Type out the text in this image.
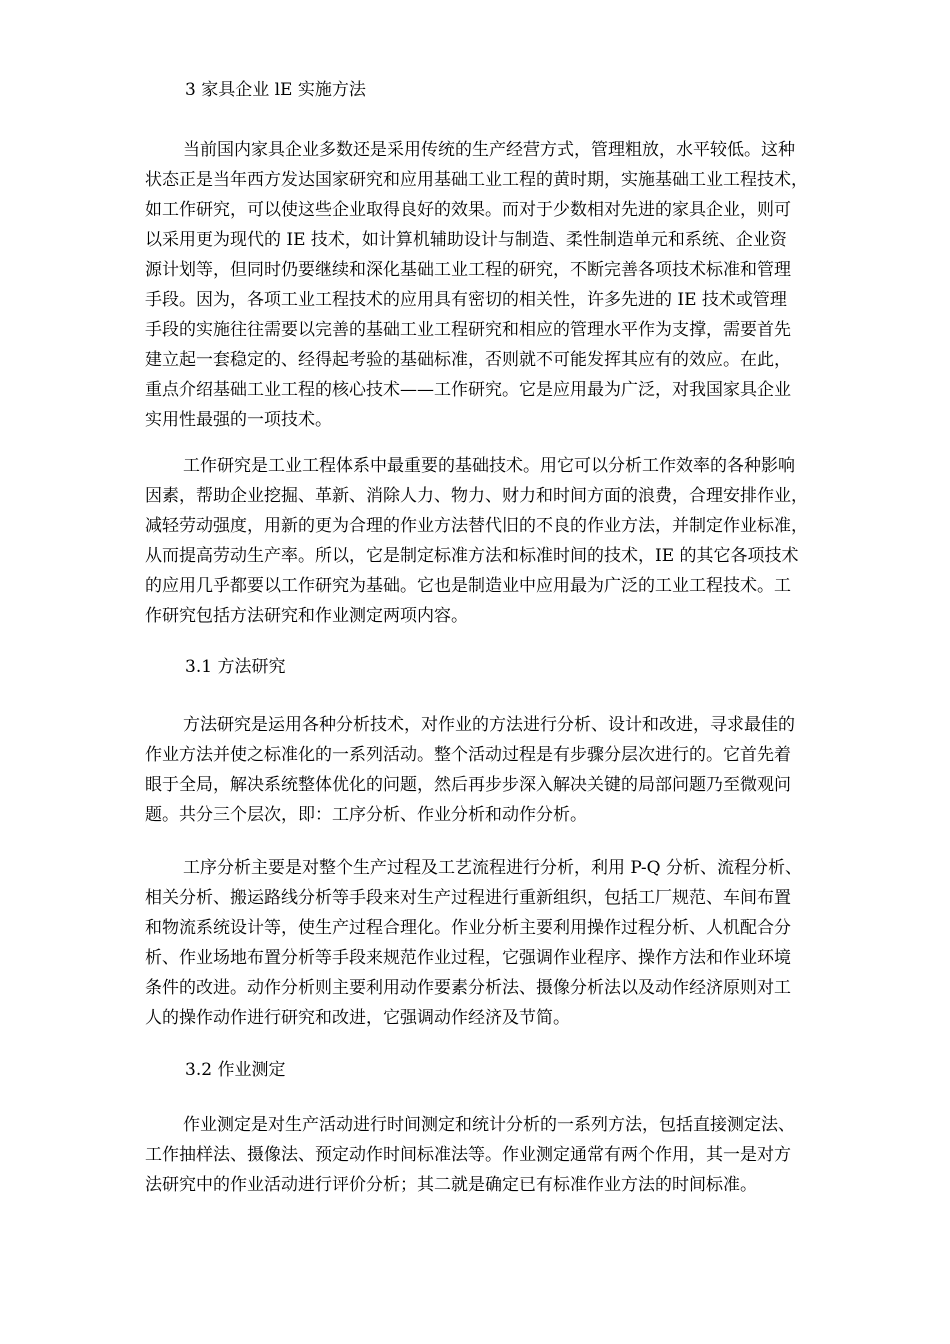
3 家具企业 lE 实施方法
当前国内家具企业多数还是采用传统的生产经营方式，管理粗放，水平较低。这种
状态正是当年西方发达国家研究和应用基础工业工程的黄时期，实施基础工业工程技术，
如工作研究，可以使这些企业取得良好的效果。而对于少数相对先进的家具企业，则可
以采用更为现代的 IE 技术，如计算机辅助设计与制造、柔性制造单元和系统、企业资
源计划等，但同时仍要继续和深化基础工业工程的研究，不断完善各项技术标准和管理
手段。因为，各项工业工程技术的应用具有密切的相关性，许多先进的 IE 技术或管理
手段的实施往往需要以完善的基础工业工程研究和相应的管理水平作为支撑，需要首先
建立起一套稳定的、经得起考验的基础标准，否则就不可能发挥其应有的效应。在此，
重点介绍基础工业工程的核心技术——工作研究。它是应用最为广泛，对我国家具企业
实用性最强的一项技术。
工作研究是工业工程体系中最重要的基础技术。用它可以分析工作效率的各种影响
因素，帮助企业挖掘、革新、消除人力、物力、财力和时间方面的浪费，合理安排作业，
减轻劳动强度，用新的更为合理的作业方法替代旧的不良的作业方法，并制定作业标准，
从而提高劳动生产率。所以，它是制定标准方法和标准时间的技术，IE 的其它各项技术
的应用几乎都要以工作研究为基础。它也是制造业中应用最为广泛的工业工程技术。工
作研究包括方法研究和作业测定两项内容。
3.1 方法研究
方法研究是运用各种分析技术，对作业的方法进行分析、设计和改进，寻求最佳的
作业方法并使之标准化的一系列活动。整个活动过程是有步骤分层次进行的。它首先着
眼于全局，解决系统整体优化的问题，然后再步步深入解决关键的局部问题乃至微观问
题。共分三个层次，即：工序分析、作业分析和动作分析。
工序分析主要是对整个生产过程及工艺流程进行分析，利用 P-Q 分析、流程分析、
相关分析、搬运路线分析等手段来对生产过程进行重新组织，包括工厂规范、车间布置
和物流系统设计等，使生产过程合理化。作业分析主要利用操作过程分析、人机配合分
析、作业场地布置分析等手段来规范作业过程，它强调作业程序、操作方法和作业环境
条件的改进。动作分析则主要利用动作要素分析法、摄像分析法以及动作经济原则对工
人的操作动作进行研究和改进，它强调动作经济及节简。
3.2 作业测定
作业测定是对生产活动进行时间测定和统计分析的一系列方法，包括直接测定法、
工作抽样法、摄像法、预定动作时间标准法等。作业测定通常有两个作用，其一是对方
法研究中的作业活动进行评价分析；其二就是确定已有标准作业方法的时间标准。
